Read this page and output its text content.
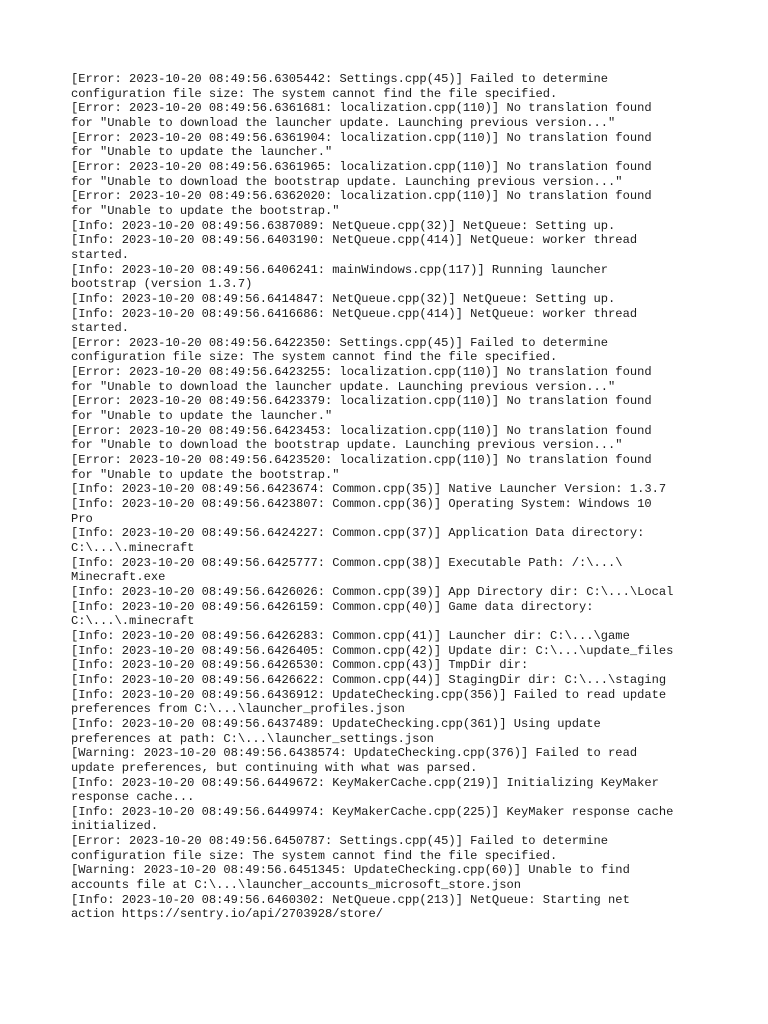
[Error: 2023-10-20 08:49:56.6305442: Settings.cpp(45)] Failed to determine
configuration file size: The system cannot find the file specified.
[Error: 2023-10-20 08:49:56.6361681: localization.cpp(110)] No translation found
for "Unable to download the launcher update. Launching previous version..."
[Error: 2023-10-20 08:49:56.6361904: localization.cpp(110)] No translation found
for "Unable to update the launcher."
[Error: 2023-10-20 08:49:56.6361965: localization.cpp(110)] No translation found
for "Unable to download the bootstrap update. Launching previous version..."
[Error: 2023-10-20 08:49:56.6362020: localization.cpp(110)] No translation found
for "Unable to update the bootstrap."
[Info: 2023-10-20 08:49:56.6387089: NetQueue.cpp(32)] NetQueue: Setting up.
[Info: 2023-10-20 08:49:56.6403190: NetQueue.cpp(414)] NetQueue: worker thread
started.
[Info: 2023-10-20 08:49:56.6406241: mainWindows.cpp(117)] Running launcher
bootstrap (version 1.3.7)
[Info: 2023-10-20 08:49:56.6414847: NetQueue.cpp(32)] NetQueue: Setting up.
[Info: 2023-10-20 08:49:56.6416686: NetQueue.cpp(414)] NetQueue: worker thread
started.
[Error: 2023-10-20 08:49:56.6422350: Settings.cpp(45)] Failed to determine
configuration file size: The system cannot find the file specified.
[Error: 2023-10-20 08:49:56.6423255: localization.cpp(110)] No translation found
for "Unable to download the launcher update. Launching previous version..."
[Error: 2023-10-20 08:49:56.6423379: localization.cpp(110)] No translation found
for "Unable to update the launcher."
[Error: 2023-10-20 08:49:56.6423453: localization.cpp(110)] No translation found
for "Unable to download the bootstrap update. Launching previous version..."
[Error: 2023-10-20 08:49:56.6423520: localization.cpp(110)] No translation found
for "Unable to update the bootstrap."
[Info: 2023-10-20 08:49:56.6423674: Common.cpp(35)] Native Launcher Version: 1.3.7
[Info: 2023-10-20 08:49:56.6423807: Common.cpp(36)] Operating System: Windows 10
Pro
[Info: 2023-10-20 08:49:56.6424227: Common.cpp(37)] Application Data directory:
C:\...\.minecraft
[Info: 2023-10-20 08:49:56.6425777: Common.cpp(38)] Executable Path: /:\...\
Minecraft.exe
[Info: 2023-10-20 08:49:56.6426026: Common.cpp(39)] App Directory dir: C:\...\Local
[Info: 2023-10-20 08:49:56.6426159: Common.cpp(40)] Game data directory:
C:\...\.minecraft
[Info: 2023-10-20 08:49:56.6426283: Common.cpp(41)] Launcher dir: C:\...\game
[Info: 2023-10-20 08:49:56.6426405: Common.cpp(42)] Update dir: C:\...\update_files
[Info: 2023-10-20 08:49:56.6426530: Common.cpp(43)] TmpDir dir:
[Info: 2023-10-20 08:49:56.6426622: Common.cpp(44)] StagingDir dir: C:\...\staging
[Info: 2023-10-20 08:49:56.6436912: UpdateChecking.cpp(356)] Failed to read update
preferences from C:\...\launcher_profiles.json
[Info: 2023-10-20 08:49:56.6437489: UpdateChecking.cpp(361)] Using update
preferences at path: C:\...\launcher_settings.json
[Warning: 2023-10-20 08:49:56.6438574: UpdateChecking.cpp(376)] Failed to read
update preferences, but continuing with what was parsed.
[Info: 2023-10-20 08:49:56.6449672: KeyMakerCache.cpp(219)] Initializing KeyMaker
response cache...
[Info: 2023-10-20 08:49:56.6449974: KeyMakerCache.cpp(225)] KeyMaker response cache
initialized.
[Error: 2023-10-20 08:49:56.6450787: Settings.cpp(45)] Failed to determine
configuration file size: The system cannot find the file specified.
[Warning: 2023-10-20 08:49:56.6451345: UpdateChecking.cpp(60)] Unable to find
accounts file at C:\...\launcher_accounts_microsoft_store.json
[Info: 2023-10-20 08:49:56.6460302: NetQueue.cpp(213)] NetQueue: Starting net
action https://sentry.io/api/2703928/store/
